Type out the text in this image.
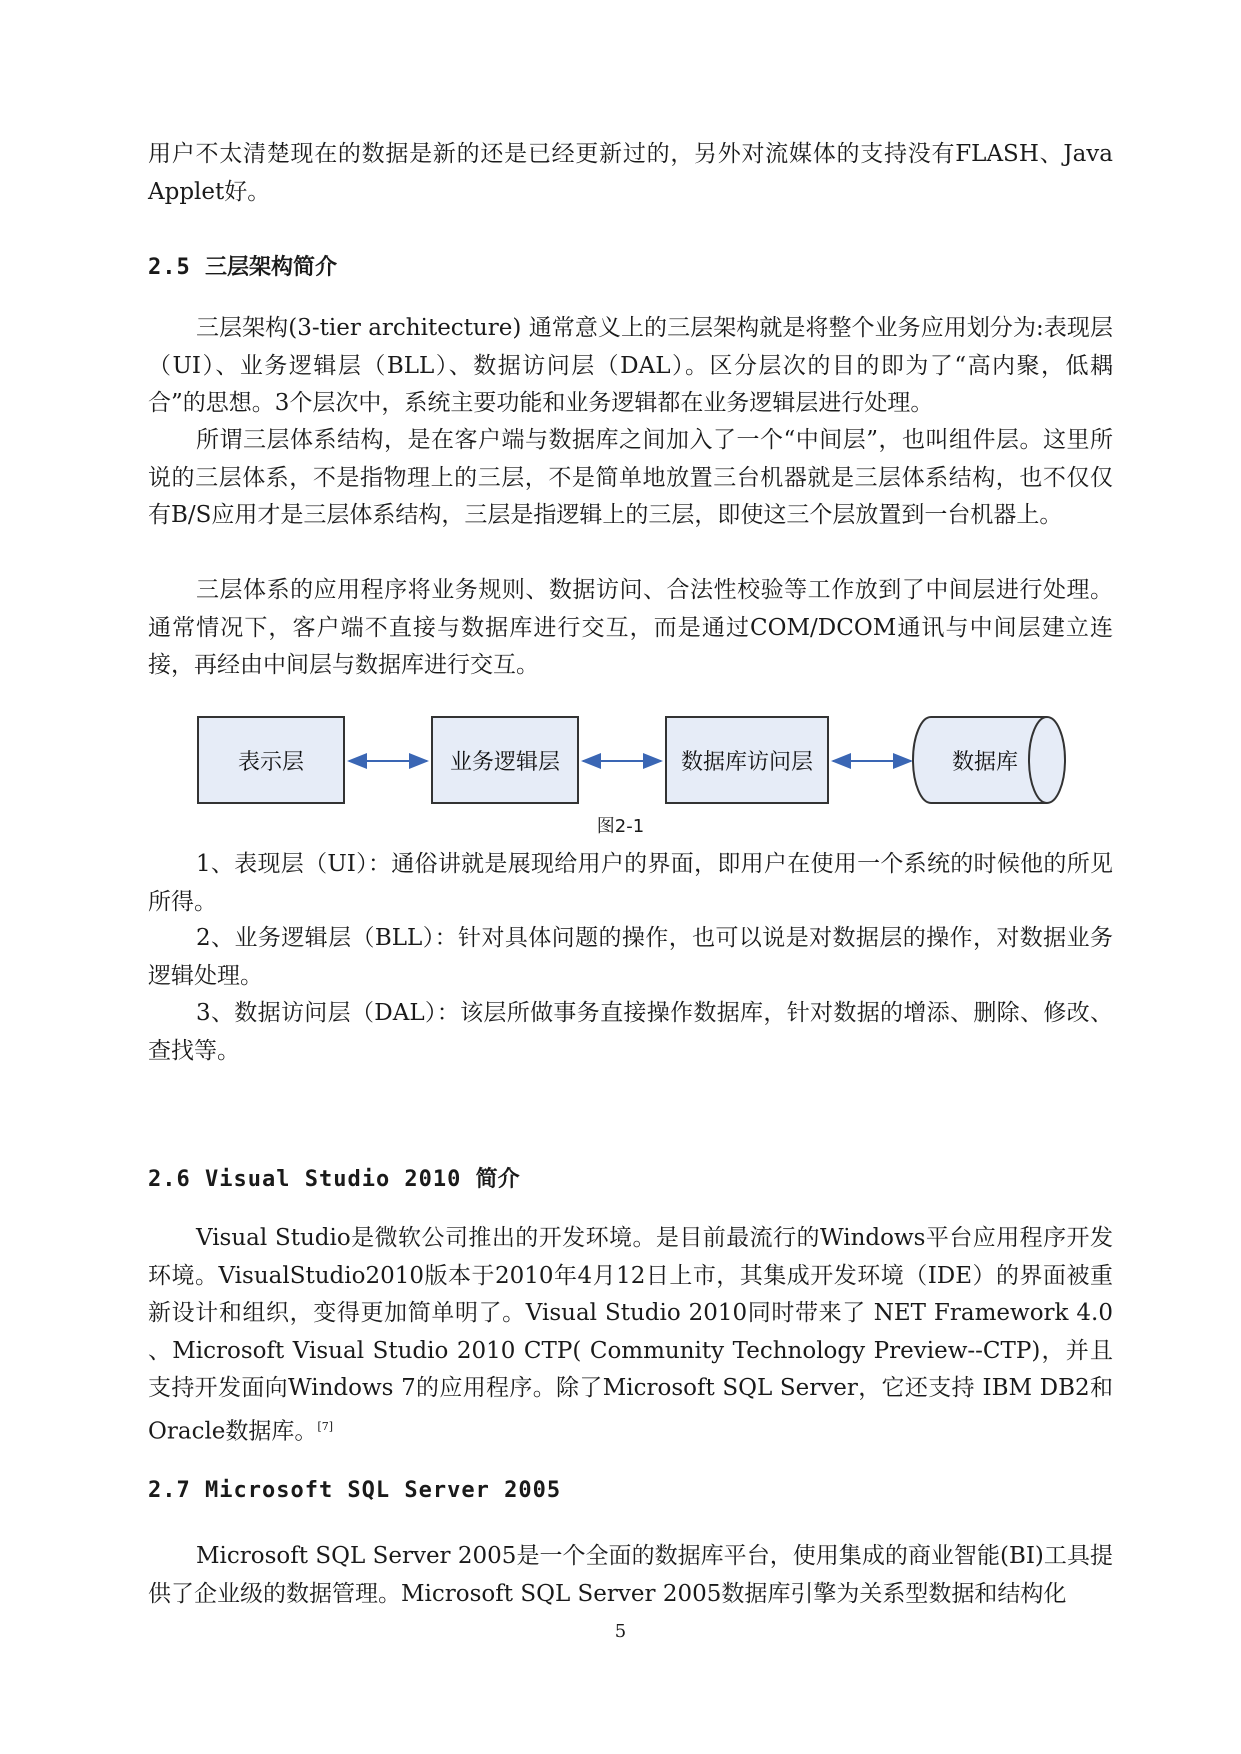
用户不太清楚现在的数据是新的还是已经更新过的，另外对流媒体的支持没有FLASH、Java Applet好。

2.5 三层架构简介

三层架构(3-tier architecture) 通常意义上的三层架构就是将整个业务应用划分为:表现层（UI）、业务逻辑层（BLL）、数据访问层（DAL）。区分层次的目的即为了“高内聚，低耦合”的思想。3个层次中，系统主要功能和业务逻辑都在业务逻辑层进行处理。

所谓三层体系结构，是在客户端与数据库之间加入了一个“中间层”，也叫组件层。这里所说的三层体系，不是指物理上的三层，不是简单地放置三台机器就是三层体系结构，也不仅仅有B/S应用才是三层体系结构，三层是指逻辑上的三层，即使这三个层放置到一台机器上。

三层体系的应用程序将业务规则、数据访问、合法性校验等工作放到了中间层进行处理。通常情况下，客户端不直接与数据库进行交互，而是通过COM/DCOM通讯与中间层建立连接，再经由中间层与数据库进行交互。

表示层	业务逻辑层	数据库访问层	数据库
图2-1

1、表现层（UI）：通俗讲就是展现给用户的界面，即用户在使用一个系统的时候他的所见所得。

2、业务逻辑层（BLL）：针对具体问题的操作，也可以说是对数据层的操作，对数据业务逻辑处理。

3、数据访问层（DAL）：该层所做事务直接操作数据库，针对数据的增添、删除、修改、查找等。

2.6 Visual Studio 2010 简介

Visual Studio是微软公司推出的开发环境。是目前最流行的Windows平台应用程序开发环境。VisualStudio2010版本于2010年4月12日上市，其集成开发环境（IDE）的界面被重新设计和组织，变得更加简单明了。Visual Studio 2010同时带来了 NET Framework 4.0 、Microsoft Visual Studio 2010 CTP( Community Technology Preview--CTP)，并且支持开发面向Windows 7的应用程序。除了Microsoft SQL Server，它还支持 IBM DB2和Oracle数据库。[7]

2.7 Microsoft SQL Server 2005

Microsoft SQL Server 2005是一个全面的数据库平台，使用集成的商业智能(BI)工具提供了企业级的数据管理。Microsoft SQL Server 2005数据库引擎为关系型数据和结构化

5
